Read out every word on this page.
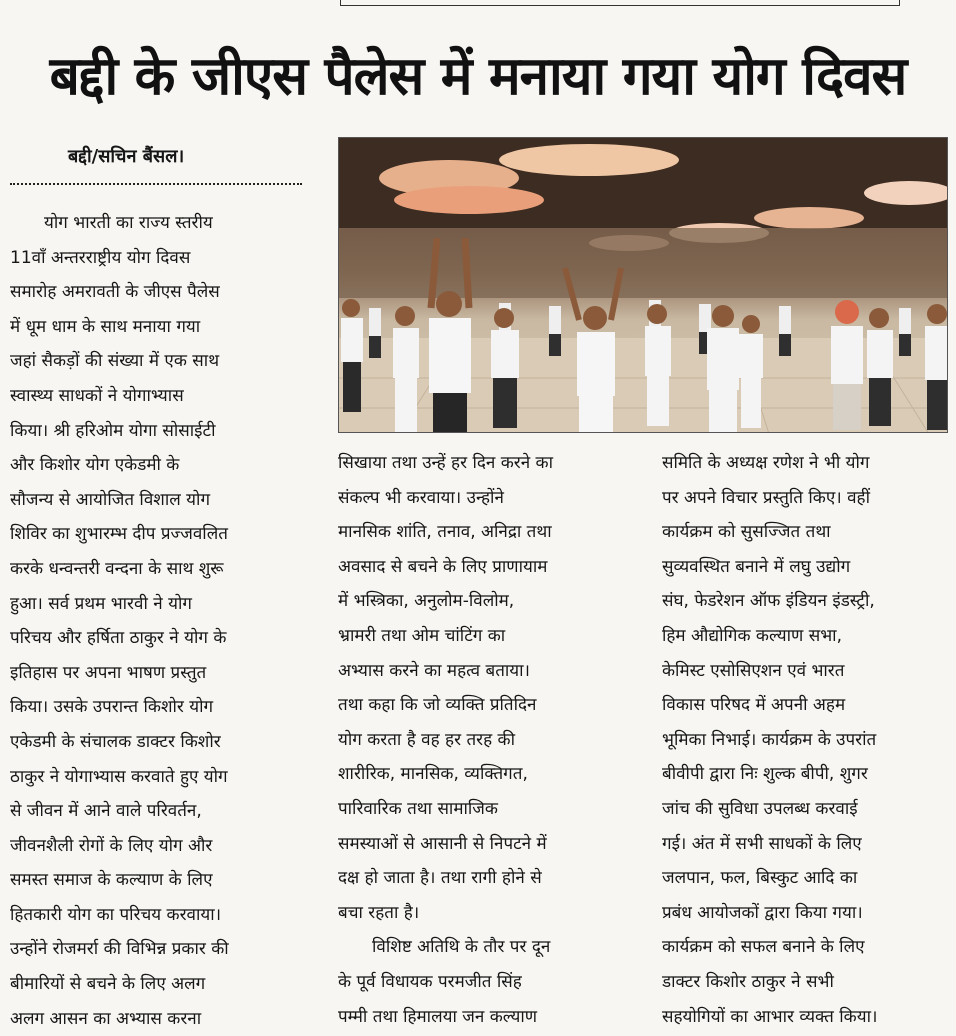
बद्दी के जीएस पैलेस में मनाया गया योग दिवस
बद्दी/सचिन बैंसल।
योग भारती का राज्य स्तरीय
11वाँ अन्तरराष्ट्रीय योग दिवस
समारोह अमरावती के जीएस पैलेस
में धूम धाम के साथ मनाया गया
जहां सैकड़ों की संख्या में एक साथ
स्वास्थ्य साधकों ने योगाभ्यास
किया। श्री हरिओम योगा सोसाईटी
और किशोर योग एकेडमी के
सौजन्य से आयोजित विशाल योग
शिविर का शुभारम्भ दीप प्रज्जवलित
करके धन्वन्तरी वन्दना के साथ शुरू
हुआ। सर्व प्रथम भारवी ने योग
परिचय और हर्षिता ठाकुर ने योग के
इतिहास पर अपना भाषण प्रस्तुत
किया। उसके उपरान्त किशोर योग
एकेडमी के संचालक डाक्टर किशोर
ठाकुर ने योगाभ्यास करवाते हुए योग
से जीवन में आने वाले परिवर्तन,
जीवनशैली रोगों के लिए योग और
समस्त समाज के कल्याण के लिए
हितकारी योग का परिचय करवाया।
उन्होंने रोजमर्रा की विभिन्न प्रकार की
बीमारियों से बचने के लिए अलग
अलग आसन का अभ्यास करना
सिखाया तथा उन्हें हर दिन करने का
संकल्प भी करवाया। उन्होंने
मानसिक शांति, तनाव, अनिद्रा तथा
अवसाद से बचने के लिए प्राणायाम
में भस्त्रिका, अनुलोम-विलोम,
भ्रामरी तथा ओम चांटिंग का
अभ्यास करने का महत्व बताया।
तथा कहा कि जो व्यक्ति प्रतिदिन
योग करता है वह हर तरह की
शारीरिक, मानसिक, व्यक्तिगत,
पारिवारिक तथा सामाजिक
समस्याओं से आसानी से निपटने में
दक्ष हो जाता है। तथा रागी होने से
बचा रहता है।
विशिष्ट अतिथि के तौर पर दून
के पूर्व विधायक परमजीत सिंह
पम्मी तथा हिमालया जन कल्याण
समिति के अध्यक्ष रणेश ने भी योग
पर अपने विचार प्रस्तुति किए। वहीं
कार्यक्रम को सुसज्जित तथा
सुव्यवस्थित बनाने में लघु उद्योग
संघ, फेडरेशन ऑफ इंडियन इंडस्ट्री,
हिम औद्योगिक कल्याण सभा,
केमिस्ट एसोसिएशन एवं भारत
विकास परिषद में अपनी अहम
भूमिका निभाई। कार्यक्रम के उपरांत
बीवीपी द्वारा निः शुल्क बीपी, शुगर
जांच की सुविधा उपलब्ध करवाई
गई। अंत में सभी साधकों के लिए
जलपान, फल, बिस्कुट आदि का
प्रबंध आयोजकों द्वारा किया गया।
कार्यक्रम को सफल बनाने के लिए
डाक्टर किशोर ठाकुर ने सभी
सहयोगियों का आभार व्यक्त किया।
